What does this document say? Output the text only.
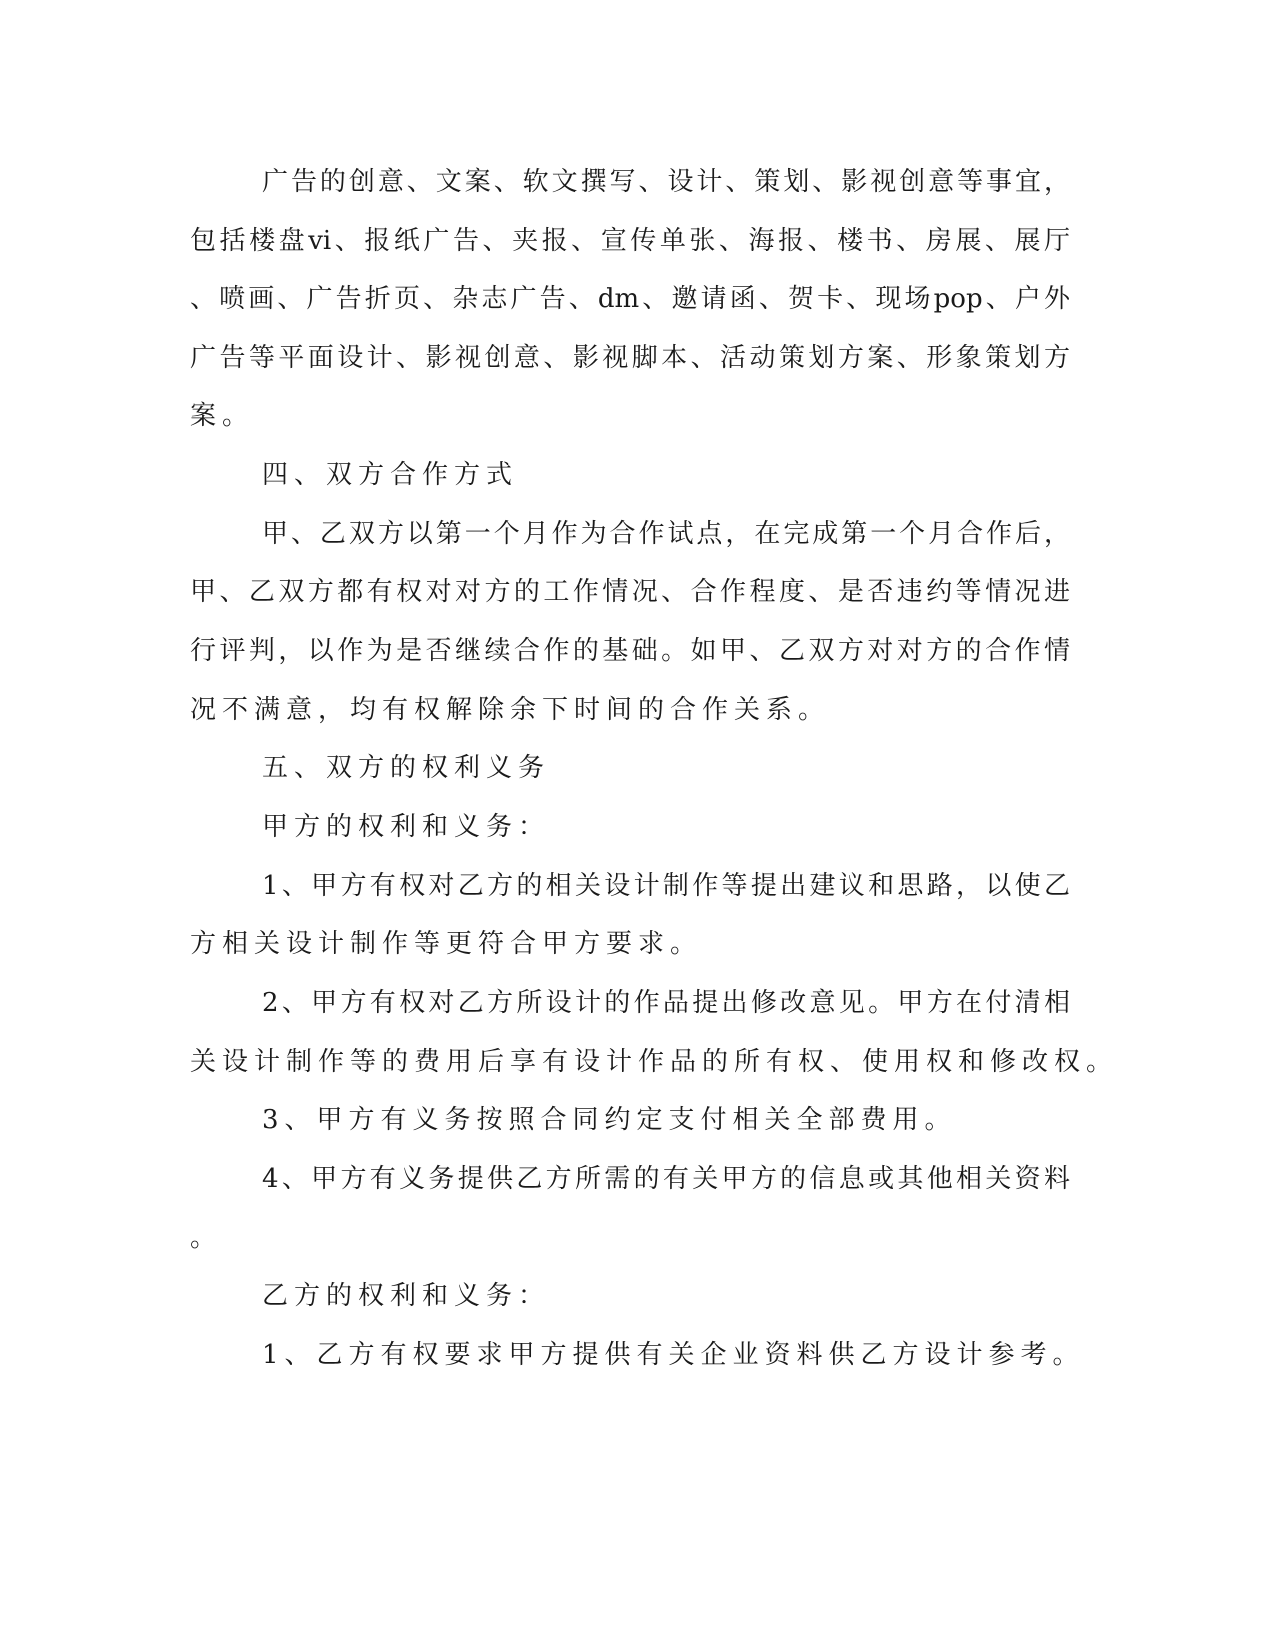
广告的创意、文案、软文撰写、设计、策划、影视创意等事宜，

包括楼盘vi、报纸广告、夹报、宣传单张、海报、楼书、房展、展厅

、喷画、广告折页、杂志广告、dm、邀请函、贺卡、现场pop、户外

广告等平面设计、影视创意、影视脚本、活动策划方案、形象策划方

案。

四、双方合作方式

甲、乙双方以第一个月作为合作试点，在完成第一个月合作后，

甲、乙双方都有权对对方的工作情况、合作程度、是否违约等情况进

行评判，以作为是否继续合作的基础。如甲、乙双方对对方的合作情

况不满意，均有权解除余下时间的合作关系。

五、双方的权利义务

甲方的权利和义务：

1、甲方有权对乙方的相关设计制作等提出建议和思路，以使乙

方相关设计制作等更符合甲方要求。

2、甲方有权对乙方所设计的作品提出修改意见。甲方在付清相

关设计制作等的费用后享有设计作品的所有权、使用权和修改权。

3、甲方有义务按照合同约定支付相关全部费用。

4、甲方有义务提供乙方所需的有关甲方的信息或其他相关资料

。

乙方的权利和义务：

1、乙方有权要求甲方提供有关企业资料供乙方设计参考。
